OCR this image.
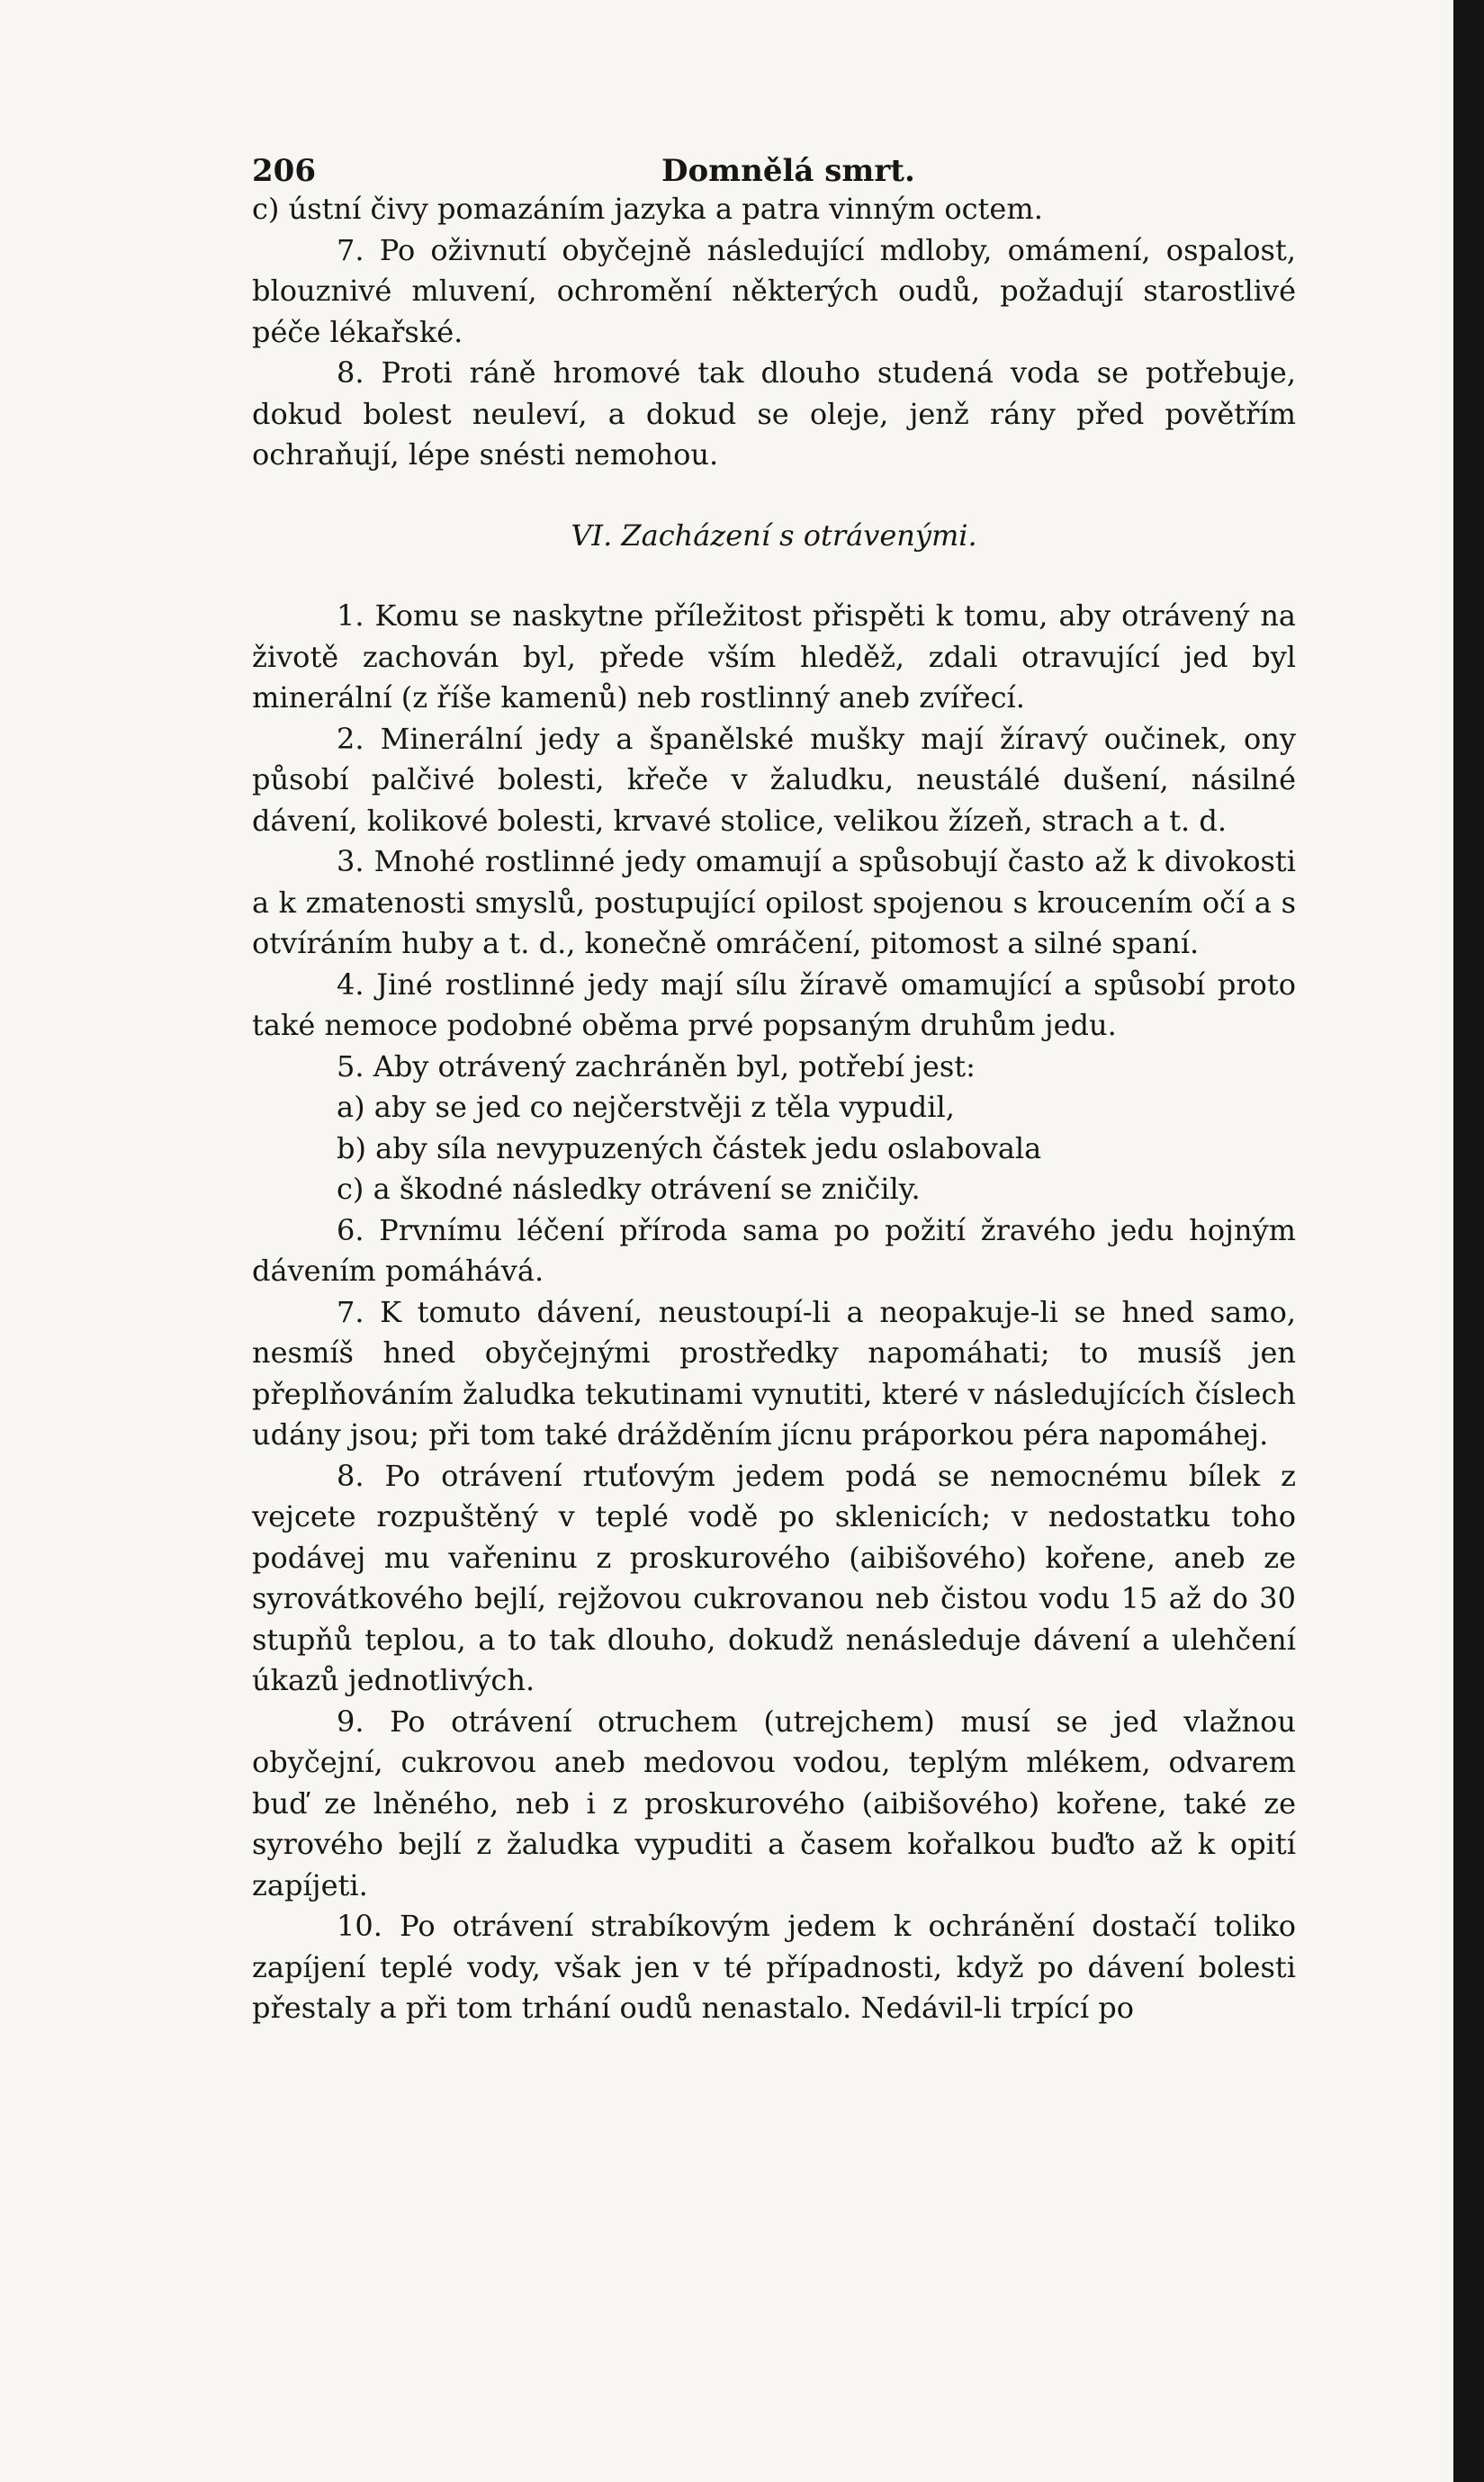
206	Domnělá smrt.

c) ústní čivy pomazáním jazyka a patra vinným octem.

7. Po oživnutí obyčejně následující mdloby, omámení, ospalost, blouznivé mluvení, ochromění některých oudů, požadují starostlivé péče lékařské.

8. Proti ráně hromové tak dlouho studená voda se potřebuje, dokud bolest neuleví, a dokud se oleje, jenž rány před povětřím ochraňují, lépe snésti nemohou.

VI. Zacházení s otrávenými.

1. Komu se naskytne příležitost přispěti k tomu, aby otrávený na životě zachován byl, přede vším hleděž, zdali otravující jed byl minerální (z říše kamenů) neb rostlinný aneb zvířecí.

2. Minerální jedy a španělské mušky mají žíravý oučinek, ony působí palčivé bolesti, křeče v žaludku, neustálé dušení, násilné dávení, kolikové bolesti, krvavé stolice, velikou žízeň, strach a t. d.

3. Mnohé rostlinné jedy omamují a spůsobují často až k divokosti a k zmatenosti smyslů, postupující opilost spojenou s kroucením očí a s otvíráním huby a t. d., konečně omráčení, pitomost a silné spaní.

4. Jiné rostlinné jedy mají sílu žíravě omamující a spůsobí proto také nemoce podobné oběma prvé popsaným druhům jedu.

5. Aby otrávený zachráněn byl, potřebí jest:

a) aby se jed co nejčerstvěji z těla vypudil,

b) aby síla nevypuzených částek jedu oslabovala

c) a škodné následky otrávení se zničily.

6. Prvnímu léčení příroda sama po požití žravého jedu hojným dávením pomáhává.

7. K tomuto dávení, neustoupí-li a neopakuje-li se hned samo, nesmíš hned obyčejnými prostředky napomáhati; to musíš jen přeplňováním žaludka tekutinami vynutiti, které v následujících číslech udány jsou; při tom také drážděním jícnu práporkou péra napomáhej.

8. Po otrávení rtuťovým jedem podá se nemocnému bílek z vejcete rozpuštěný v teplé vodě po sklenicích; v nedostatku toho podávej mu vařeninu z proskurového (aibišového) kořene, aneb ze syrovátkového bejlí, rejžovou cukrovanou neb čistou vodu 15 až do 30 stupňů teplou, a to tak dlouho, dokudž nenásleduje dávení a ulehčení úkazů jednotlivých.

9. Po otrávení otruchem (utrejchem) musí se jed vlažnou obyčejní, cukrovou aneb medovou vodou, teplým mlékem, odvarem buď ze lněného, neb i z proskurového (aibišového) kořene, také ze syrového bejlí z žaludka vypuditi a časem kořalkou buďto až k opití zapíjeti.

10. Po otrávení strabíkovým jedem k ochránění dostačí toliko zapíjení teplé vody, však jen v té případnosti, když po dávení bolesti přestaly a při tom trhání oudů nenastalo. Nedávil-li trpící po
